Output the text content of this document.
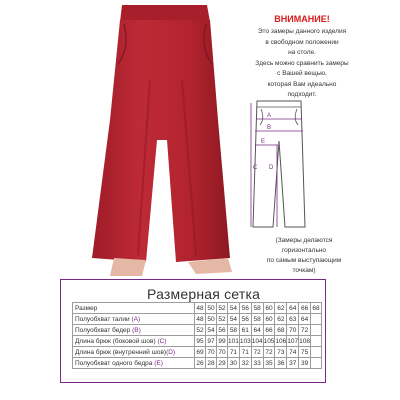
ВНИМАНИЕ!
Это замеры данного изделия
в свободном положении
на столе.
Здесь можно сравнить замеры
с Вашей вещью,
которая Вам идеально
подходит.
A
B
C D
E
(Замеры делаются
горизонтально
по самым выступающим
точкам)
Размерная сетка
Размер	48	50	52	54	56	58	60	62	64	66	68
Полуобхват талии (A)	48	50	52	54	56	58	60	62	63	64	
Полуобхват бедер (B)	52	54	56	58	61	64	66	68	70	72	
Длина брюк (боковой шов) (C)	95	97	99	101	103	104	105	106	107	108	
Длина брюк (внутренний шов)(D)	69	70	70	71	71	72	72	73	74	75	
Полуобхват одного бедра (E)	26	28	29	30	32	33	35	36	37	39	
